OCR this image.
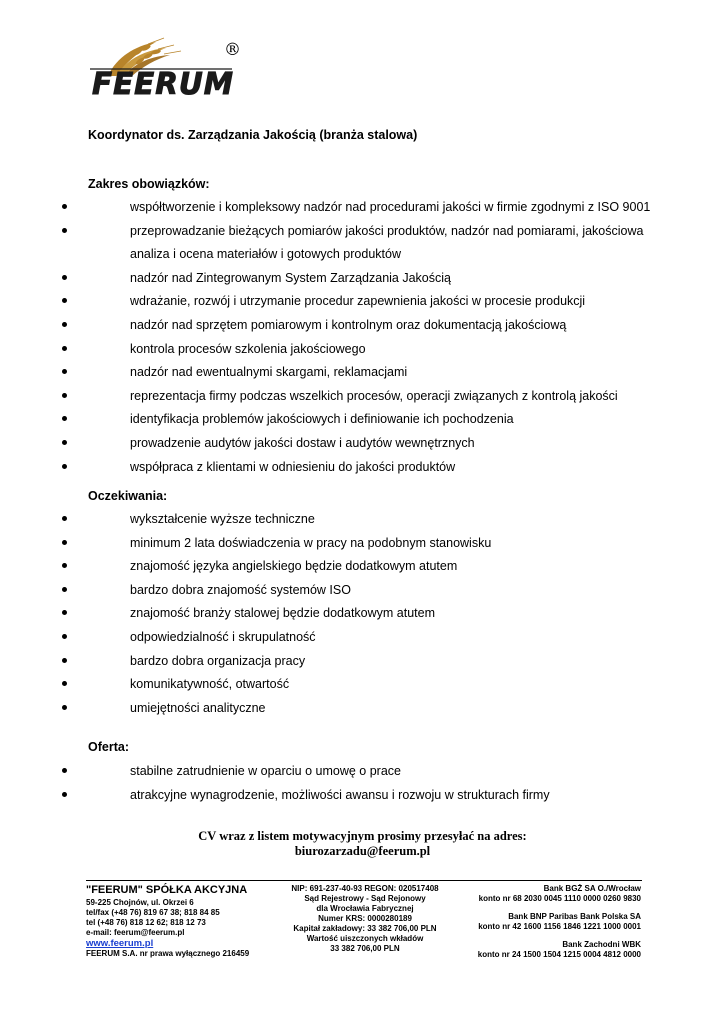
FEERUM
®
Koordynator ds. Zarządzania Jakością (branża stalowa)
Zakres obowiązków:
współtworzenie i kompleksowy nadzór nad procedurami jakości w firmie zgodnymi z ISO 9001
przeprowadzanie bieżących pomiarów jakości produktów, nadzór nad pomiarami, jakościowa
analiza i ocena materiałów i gotowych produktów
nadzór nad Zintegrowanym System Zarządzania Jakością
wdrażanie, rozwój i utrzymanie procedur zapewnienia jakości w procesie produkcji
nadzór nad sprzętem pomiarowym i kontrolnym oraz dokumentacją jakościową
kontrola procesów szkolenia jakościowego
nadzór nad ewentualnymi skargami, reklamacjami
reprezentacja firmy podczas wszelkich procesów, operacji związanych z kontrolą jakości
identyfikacja problemów jakościowych i definiowanie ich pochodzenia
prowadzenie audytów jakości dostaw i audytów wewnętrznych
współpraca z klientami w odniesieniu do jakości produktów
Oczekiwania:
wykształcenie wyższe techniczne
minimum 2 lata doświadczenia w pracy na podobnym stanowisku
znajomość języka angielskiego będzie dodatkowym atutem
bardzo dobra znajomość systemów ISO
znajomość branży stalowej będzie dodatkowym atutem
odpowiedzialność i skrupulatność
bardzo dobra organizacja pracy
komunikatywność, otwartość
umiejętności analityczne
Oferta:
stabilne zatrudnienie w oparciu o umowę o prace
atrakcyjne wynagrodzenie, możliwości awansu i rozwoju w strukturach firmy
CV wraz z listem motywacyjnym prosimy przesyłać na adres:
biurozarzadu@feerum.pl
"FEERUM" SPÓŁKA AKCYJNA
59-225 Chojnów, ul. Okrzei 6
tel/fax (+48 76) 819 67 38; 818 84 85
tel (+48 76) 818 12 62; 818 12 73
e-mail: feerum@feerum.pl
www.feerum.pl
FEERUM S.A. nr prawa wyłącznego 216459
NIP: 691-237-40-93 REGON: 020517408
Sąd Rejestrowy - Sąd Rejonowy
dla Wrocławia Fabrycznej
Numer KRS: 0000280189
Kapitał zakładowy: 33 382 706,00 PLN
Wartość uiszczonych wkładów
33 382 706,00 PLN
Bank BGŻ SA O./Wrocław
konto nr 68 2030 0045 1110 0000 0260 9830
Bank BNP Paribas Bank Polska SA
konto nr 42 1600 1156 1846 1221 1000 0001
Bank Zachodni WBK
konto nr 24 1500 1504 1215 0004 4812 0000
